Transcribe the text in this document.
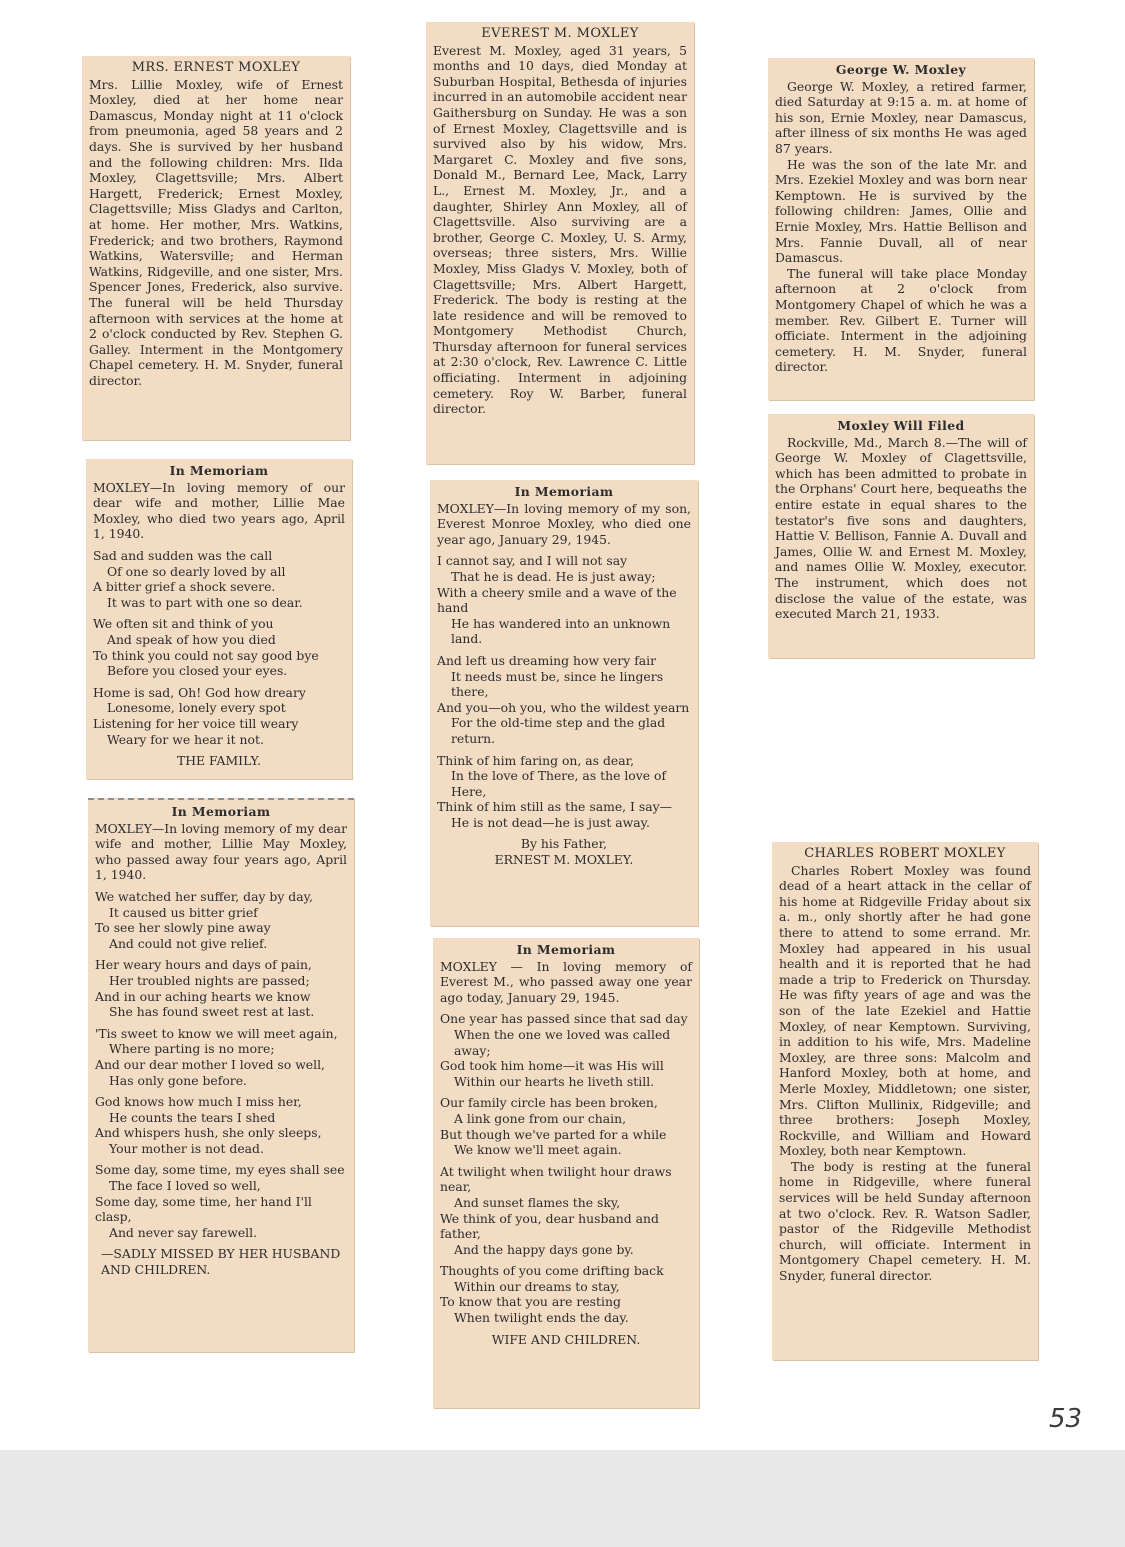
MRS. ERNEST MOXLEY
Mrs. Lillie Moxley, wife of Ernest Moxley, died at her home near Damascus, Monday night at 11 o'clock from pneumonia, aged 58 years and 2 days. She is survived by her husband and the following children: Mrs. Ilda Moxley, Clagettsville; Mrs. Albert Hargett, Frederick; Ernest Moxley, Clagettsville; Miss Gladys and Carlton, at home. Her mother, Mrs. Watkins, Frederick; and two brothers, Raymond Watkins, Watersville; and Herman Watkins, Ridgeville, and one sister, Mrs. Spencer Jones, Frederick, also survive. The funeral will be held Thursday afternoon with services at the home at 2 o'clock conducted by Rev. Stephen G. Galley. Interment in the Montgomery Chapel cemetery. H. M. Snyder, funeral director.
In Memoriam
MOXLEY—In loving memory of our dear wife and mother, Lillie Mae Moxley, who died two years ago, April 1, 1940.
Sad and sudden was the call
Of one so dearly loved by all
A bitter grief a shock severe.
It was to part with one so dear.
We often sit and think of you
And speak of how you died
To think you could not say good bye
Before you closed your eyes.
Home is sad, Oh! God how dreary
Lonesome, lonely every spot
Listening for her voice till weary
Weary for we hear it not.
THE FAMILY.
In Memoriam
MOXLEY—In loving memory of my dear wife and mother, Lillie May Moxley, who passed away four years ago, April 1, 1940.
We watched her suffer, day by day,
It caused us bitter grief
To see her slowly pine away
And could not give relief.
Her weary hours and days of pain,
Her troubled nights are passed;
And in our aching hearts we know
She has found sweet rest at last.
'Tis sweet to know we will meet again,
Where parting is no more;
And our dear mother I loved so well,
Has only gone before.
God knows how much I miss her,
He counts the tears I shed
And whispers hush, she only sleeps,
Your mother is not dead.
Some day, some time, my eyes shall see
The face I loved so well,
Some day, some time, her hand I'll clasp,
And never say farewell.
—SADLY MISSED BY HER HUSBAND AND CHILDREN.
EVEREST M. MOXLEY
Everest M. Moxley, aged 31 years, 5 months and 10 days, died Monday at Suburban Hospital, Bethesda of injuries incurred in an automobile accident near Gaithersburg on Sunday. He was a son of Ernest Moxley, Clagettsville and is survived also by his widow, Mrs. Margaret C. Moxley and five sons, Donald M., Bernard Lee, Mack, Larry L., Ernest M. Moxley, Jr., and a daughter, Shirley Ann Moxley, all of Clagettsville. Also surviving are a brother, George C. Moxley, U. S. Army, overseas; three sisters, Mrs. Willie Moxley, Miss Gladys V. Moxley, both of Clagettsville; Mrs. Albert Hargett, Frederick. The body is resting at the late residence and will be removed to Montgomery Methodist Church, Thursday afternoon for funeral services at 2:30 o'clock, Rev. Lawrence C. Little officiating. Interment in adjoining cemetery. Roy W. Barber, funeral director.
In Memoriam
MOXLEY—In loving memory of my son, Everest Monroe Moxley, who died one year ago, January 29, 1945.
I cannot say, and I will not say
That he is dead. He is just away;
With a cheery smile and a wave of the hand
He has wandered into an unknown land.
And left us dreaming how very fair
It needs must be, since he lingers there,
And you—oh you, who the wildest yearn
For the old-time step and the glad return.
Think of him faring on, as dear,
In the love of There, as the love of Here,
Think of him still as the same, I say—
He is not dead—he is just away.
By his Father,
ERNEST M. MOXLEY.
In Memoriam
MOXLEY — In loving memory of Everest M., who passed away one year ago today, January 29, 1945.
One year has passed since that sad day
When the one we loved was called away;
God took him home—it was His will
Within our hearts he liveth still.
Our family circle has been broken,
A link gone from our chain,
But though we've parted for a while
We know we'll meet again.
At twilight when twilight hour draws near,
And sunset flames the sky,
We think of you, dear husband and father,
And the happy days gone by.
Thoughts of you come drifting back
Within our dreams to stay,
To know that you are resting
When twilight ends the day.
WIFE AND CHILDREN.
George W. Moxley
George W. Moxley, a retired farmer, died Saturday at 9:15 a. m. at home of his son, Ernie Moxley, near Damascus, after illness of six months He was aged 87 years.
He was the son of the late Mr. and Mrs. Ezekiel Moxley and was born near Kemptown. He is survived by the following children: James, Ollie and Ernie Moxley, Mrs. Hattie Bellison and Mrs. Fannie Duvall, all of near Damascus.
The funeral will take place Monday afternoon at 2 o'clock from Montgomery Chapel of which he was a member. Rev. Gilbert E. Turner will officiate. Interment in the adjoining cemetery. H. M. Snyder, funeral director.
Moxley Will Filed
Rockville, Md., March 8.—The will of George W. Moxley of Clagettsville, which has been admitted to probate in the Orphans' Court here, bequeaths the entire estate in equal shares to the testator's five sons and daughters, Hattie V. Bellison, Fannie A. Duvall and James, Ollie W. and Ernest M. Moxley, and names Ollie W. Moxley, executor. The instrument, which does not disclose the value of the estate, was executed March 21, 1933.
CHARLES ROBERT MOXLEY
Charles Robert Moxley was found dead of a heart attack in the cellar of his home at Ridgeville Friday about six a. m., only shortly after he had gone there to attend to some errand. Mr. Moxley had appeared in his usual health and it is reported that he had made a trip to Frederick on Thursday. He was fifty years of age and was the son of the late Ezekiel and Hattie Moxley, of near Kemptown. Surviving, in addition to his wife, Mrs. Madeline Moxley, are three sons: Malcolm and Hanford Moxley, both at home, and Merle Moxley, Middletown; one sister, Mrs. Clifton Mullinix, Ridgeville; and three brothers: Joseph Moxley, Rockville, and William and Howard Moxley, both near Kemptown.
The body is resting at the funeral home in Ridgeville, where funeral services will be held Sunday afternoon at two o'clock. Rev. R. Watson Sadler, pastor of the Ridgeville Methodist church, will officiate. Interment in Montgomery Chapel cemetery. H. M. Snyder, funeral director.
53
